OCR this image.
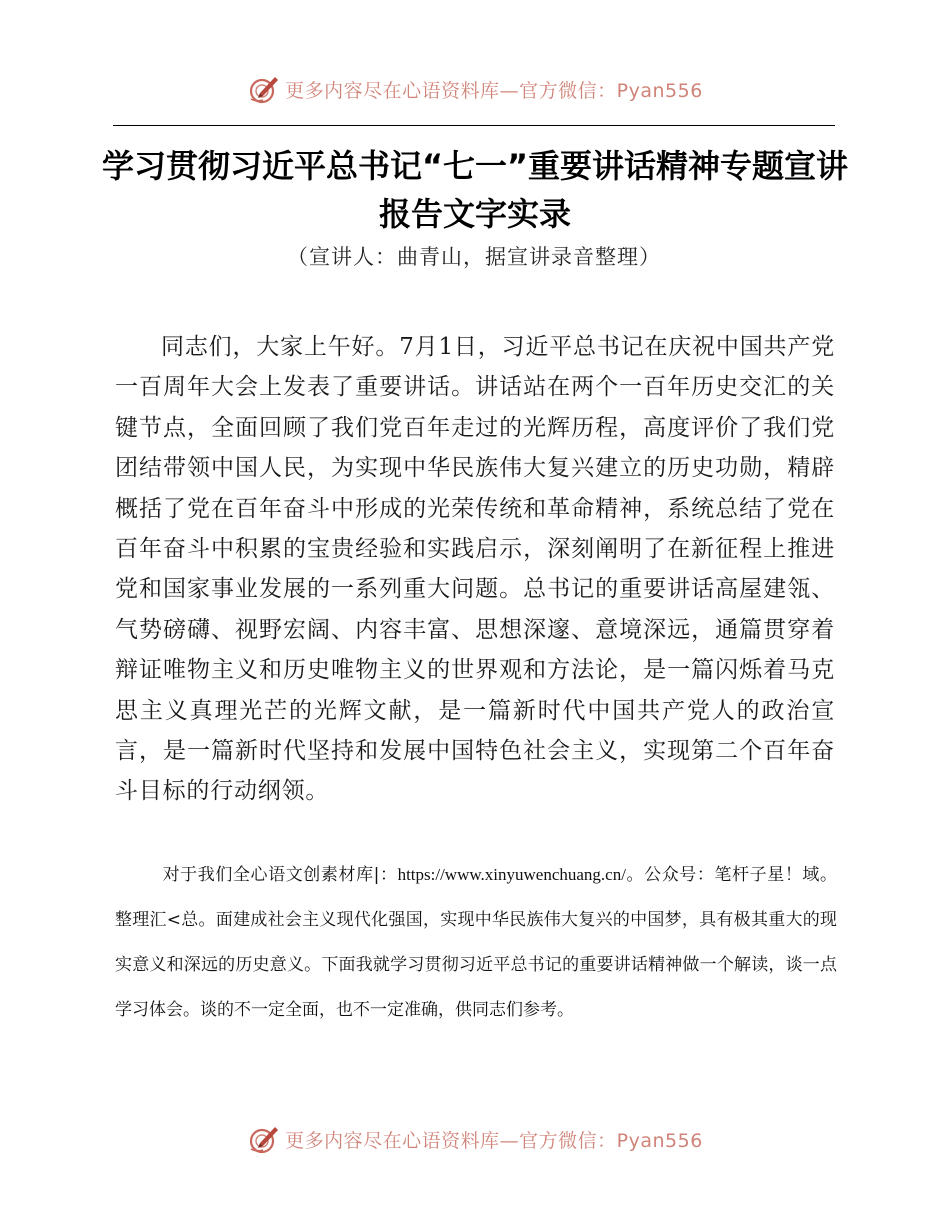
更多内容尽在心语资料库—官方微信：Pyan556
学习贯彻习近平总书记“七一”重要讲话精神专题宣讲报告文字实录

（宣讲人：曲青山，据宣讲录音整理）

同志们，大家上午好。7月1日，习近平总书记在庆祝中国共产党一百周年大会上发表了重要讲话。讲话站在两个一百年历史交汇的关键节点，全面回顾了我们党百年走过的光辉历程，高度评价了我们党团结带领中国人民，为实现中华民族伟大复兴建立的历史功勋，精辟概括了党在百年奋斗中形成的光荣传统和革命精神，系统总结了党在百年奋斗中积累的宝贵经验和实践启示，深刻阐明了在新征程上推进党和国家事业发展的一系列重大问题。总书记的重要讲话高屋建瓴、气势磅礴、视野宏阔、内容丰富、思想深邃、意境深远，通篇贯穿着辩证唯物主义和历史唯物主义的世界观和方法论，是一篇闪烁着马克思主义真理光芒的光辉文献，是一篇新时代中国共产党人的政治宣言，是一篇新时代坚持和发展中国特色社会主义，实现第二个百年奋斗目标的行动纲领。

对于我们全心语文创素材库|：https://www.xinyuwenchuang.cn/。公众号：笔杆子星！域。整理汇<总。面建成社会主义现代化强国，实现中华民族伟大复兴的中国梦，具有极其重大的现实意义和深远的历史意义。下面我就学习贯彻习近平总书记的重要讲话精神做一个解读，谈一点学习体会。谈的不一定全面，也不一定准确，供同志们参考。

更多内容尽在心语资料库—官方微信：Pyan556
